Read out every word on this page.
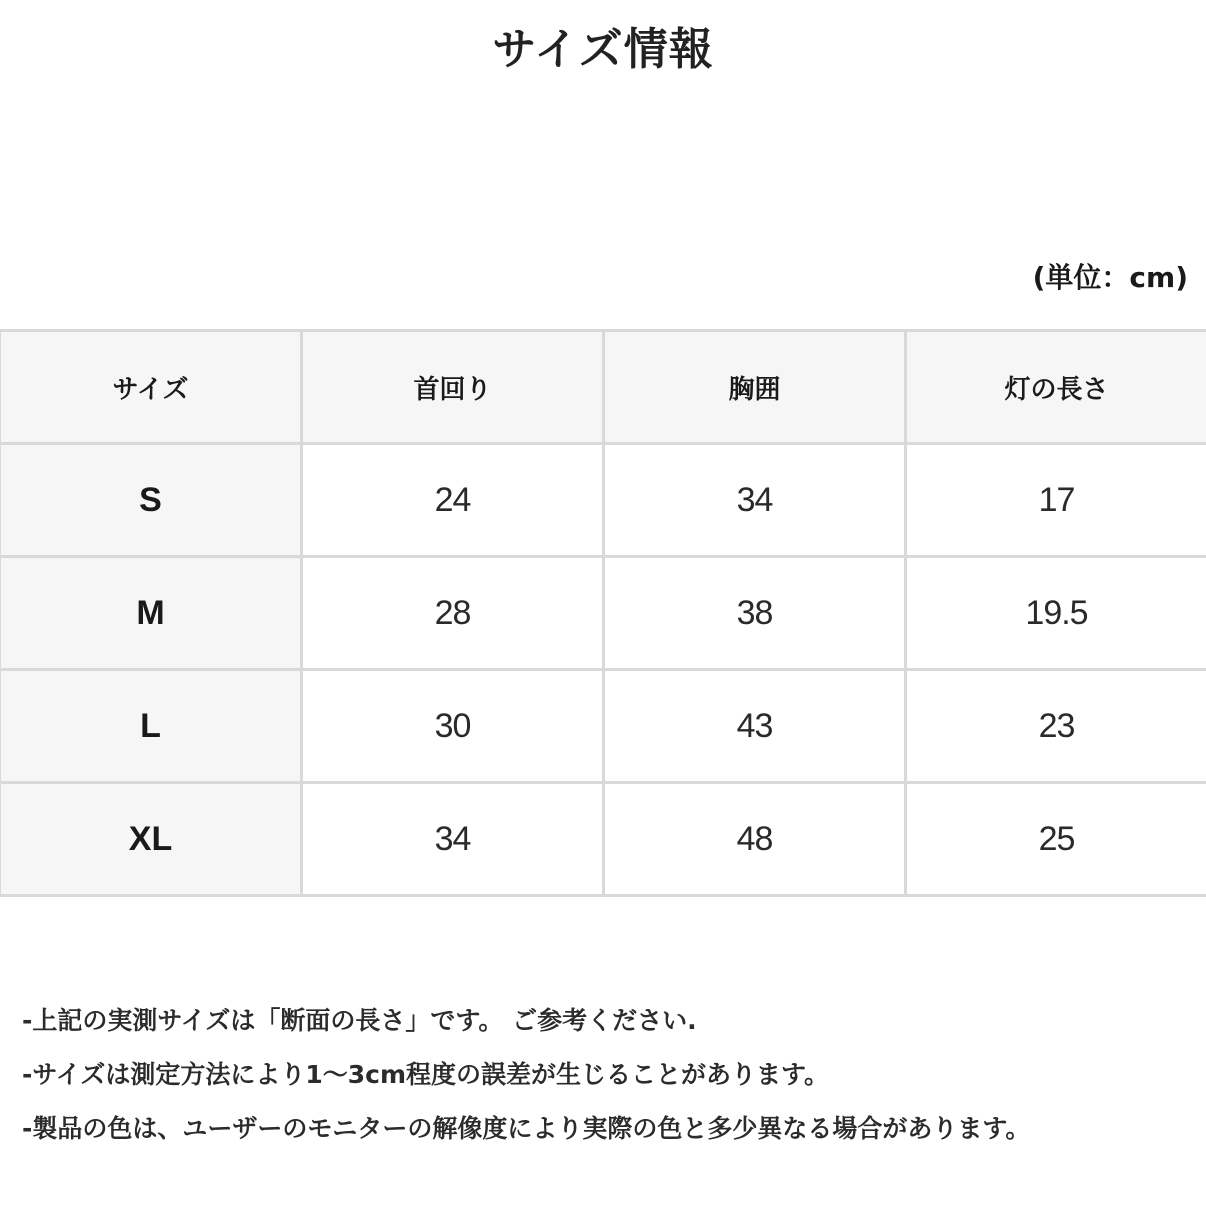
サイズ情報
(単位：cm)
サイズ	首回り	胸囲	灯の長さ
S	24	34	17
M	28	38	19.5
L	30	43	23
XL	34	48	25
-上記の実測サイズは「断面の長さ」です。 ご参考ください.
-サイズは測定方法により1～3cm程度の誤差が生じることがあります。
-製品の色は、ユーザーのモニターの解像度により実際の色と多少異なる場合があります。
